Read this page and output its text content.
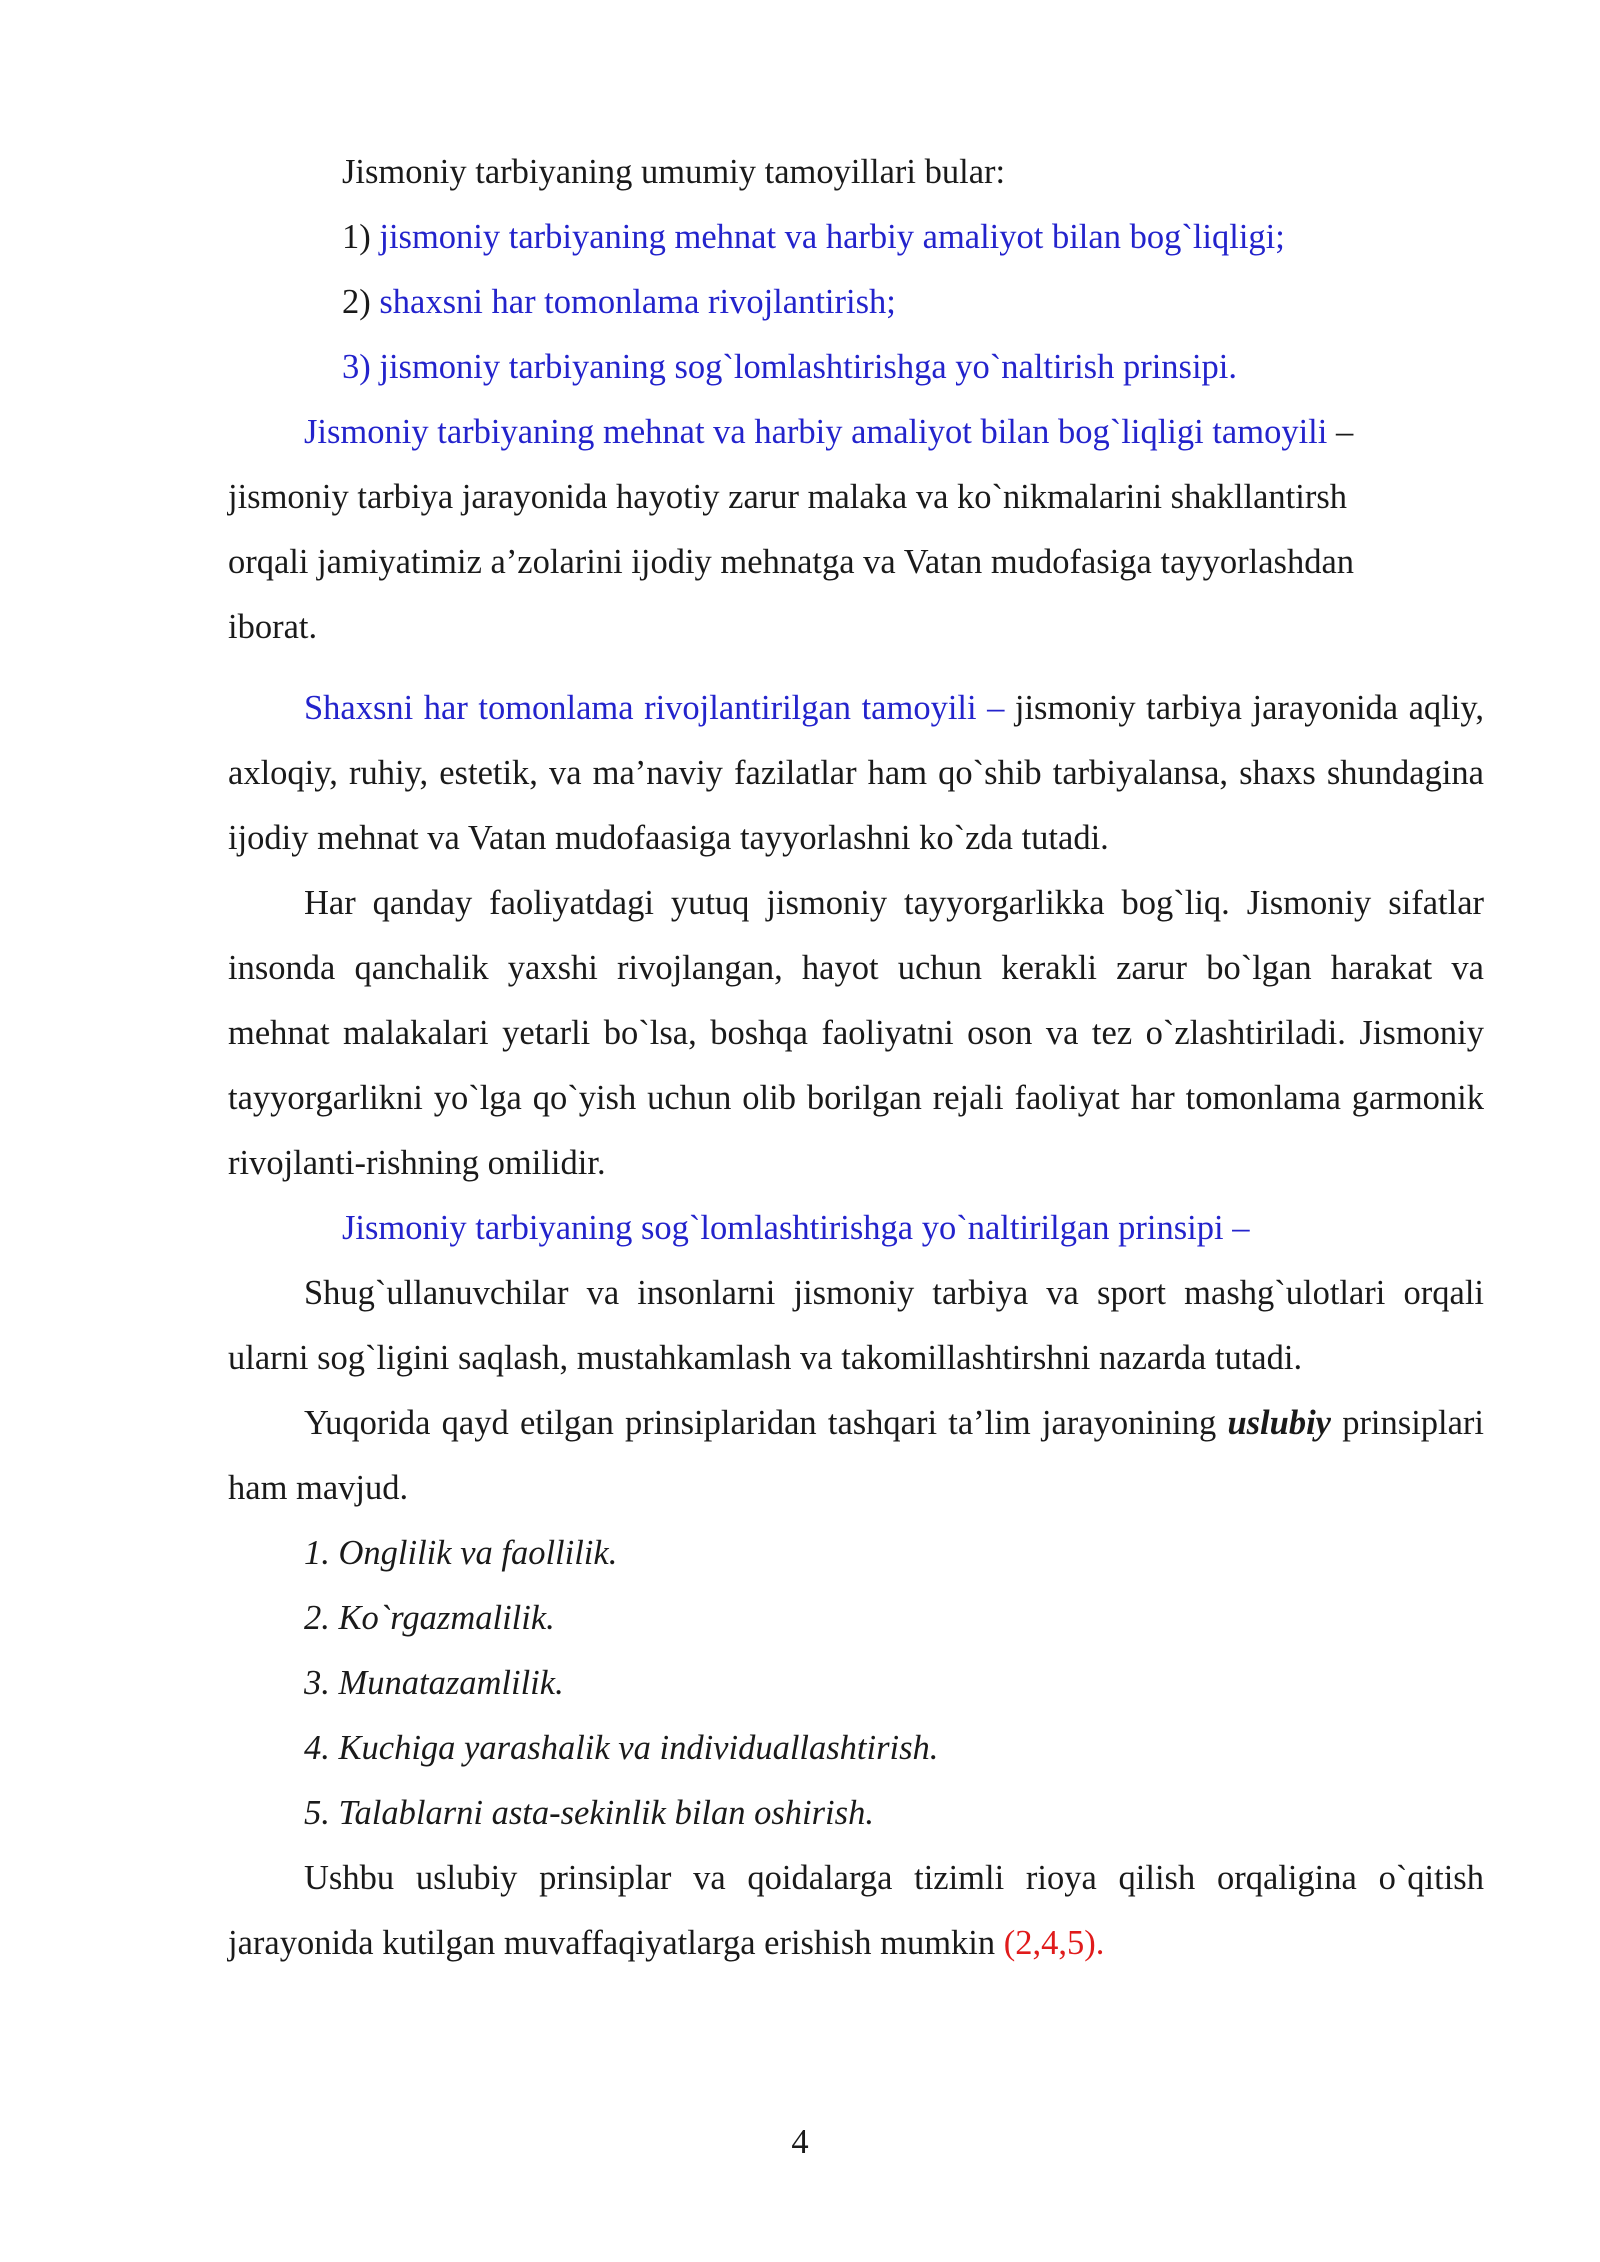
Jismoniy tarbiyaning umumiy tamoyillari bular:

1) jismoniy tarbiyaning mehnat va harbiy amaliyot bilan bog`liqligi;

2) shaxsni har tomonlama rivojlantirish;

3) jismoniy tarbiyaning sog`lomlashtirishga yo`naltirish prinsipi.

Jismoniy tarbiyaning mehnat va harbiy amaliyot bilan bog`liqligi tamoyili –

jismoniy tarbiya jarayonida hayotiy zarur malaka va ko`nikmalarini shakllantirsh

orqali jamiyatimiz a’zolarini ijodiy mehnatga va Vatan mudofasiga tayyorlashdan

iborat.

Shaxsni har tomonlama rivojlantirilgan tamoyili – jismoniy tarbiya jarayonida aqliy, axloqiy, ruhiy, estetik, va ma’naviy fazilatlar ham qo`shib tarbiyalansa, shaxs shundagina ijodiy mehnat va Vatan mudofaasiga tayyorlashni ko`zda tutadi.

Har qanday faoliyatdagi yutuq jismoniy tayyorgarlikka bog`liq. Jismoniy sifatlar insonda qanchalik yaxshi rivojlangan, hayot uchun kerakli zarur bo`lgan harakat va mehnat malakalari yetarli bo`lsa, boshqa faoliyatni oson va tez o`zlashtiriladi. Jismoniy tayyorgarlikni yo`lga qo`yish uchun olib borilgan rejali faoliyat har tomonlama garmonik rivojlanti-rishning omilidir.

Jismoniy tarbiyaning sog`lomlashtirishga yo`naltirilgan prinsipi –

Shug`ullanuvchilar va insonlarni jismoniy tarbiya va sport mashg`ulotlari orqali ularni sog`ligini saqlash, mustahkamlash va takomillashtirshni nazarda tutadi.

Yuqorida qayd etilgan prinsiplaridan tashqari ta’lim jarayonining uslubiy prinsiplari ham mavjud.

1. Onglilik va faollilik.

2. Ko`rgazmalilik.

3. Munatazamlilik.

4. Kuchiga yarashalik va individuallashtirish.

5. Talablarni asta-sekinlik bilan oshirish.

Ushbu uslubiy prinsiplar va qoidalarga tizimli rioya qilish orqaligina o`qitish jarayonida kutilgan muvaffaqiyatlarga erishish mumkin (2,4,5).

4
